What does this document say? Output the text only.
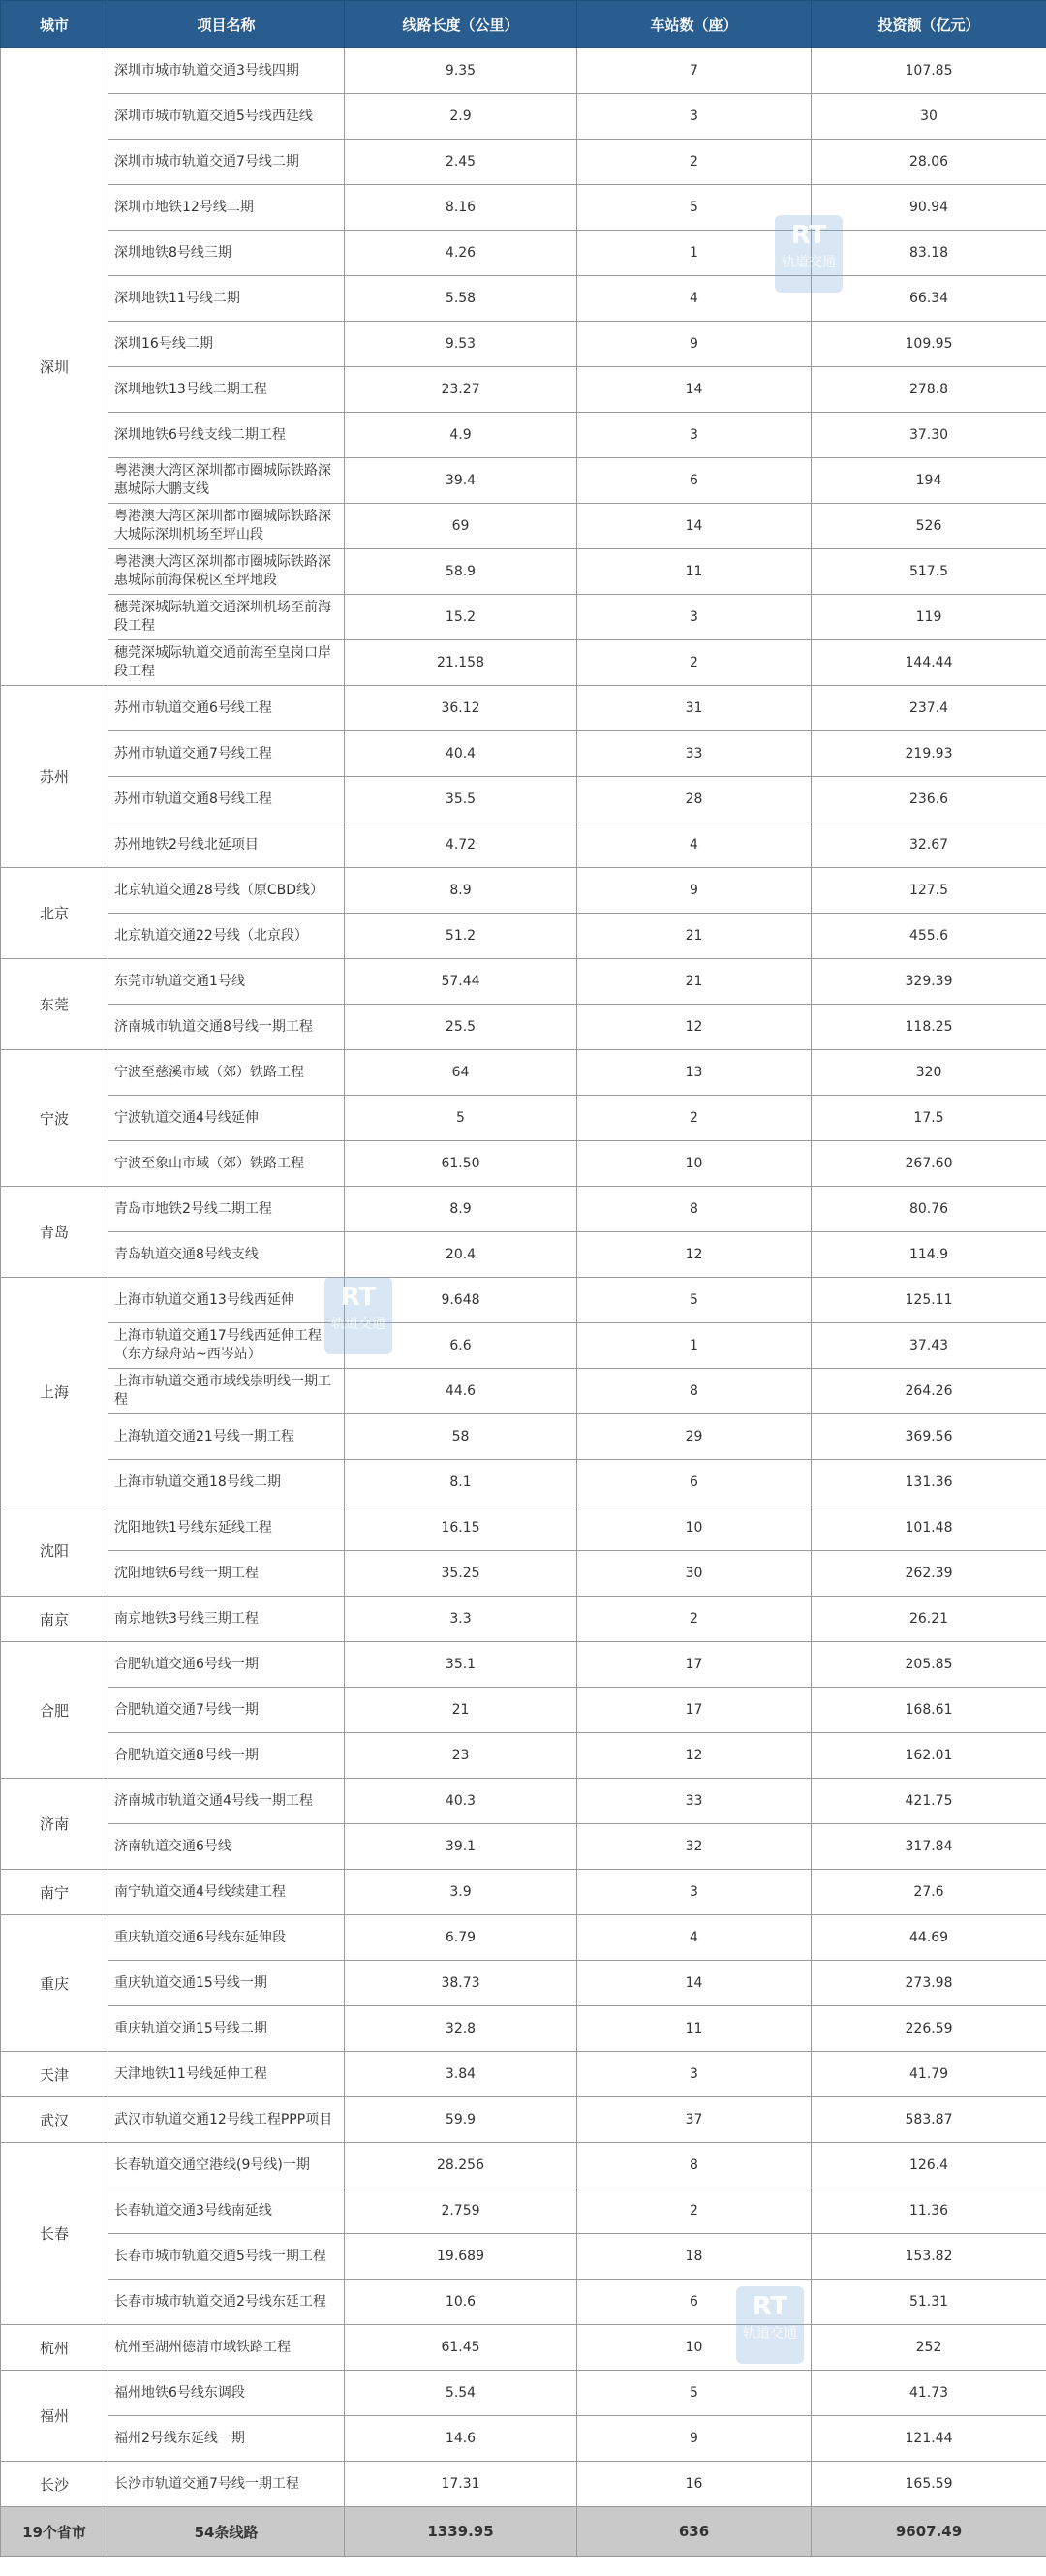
城市	项目名称	线路长度（公里）	车站数（座）	投资额（亿元）
深圳	深圳市城市轨道交通3号线四期	9.35	7	107.85
	深圳市城市轨道交通5号线西延线	2.9	3	30
	深圳市城市轨道交通7号线二期	2.45	2	28.06
	深圳市地铁12号线二期	8.16	5	90.94
	深圳地铁8号线三期	4.26	1	83.18
	深圳地铁11号线二期	5.58	4	66.34
	深圳16号线二期	9.53	9	109.95
	深圳地铁13号线二期工程	23.27	14	278.8
	深圳地铁6号线支线二期工程	4.9	3	37.30
	粤港澳大湾区深圳都市圈城际铁路深惠城际大鹏支线	39.4	6	194
	粤港澳大湾区深圳都市圈城际铁路深大城际深圳机场至坪山段	69	14	526
	粤港澳大湾区深圳都市圈城际铁路深惠城际前海保税区至坪地段	58.9	11	517.5
	穗莞深城际轨道交通深圳机场至前海段工程	15.2	3	119
	穗莞深城际轨道交通前海至皇岗口岸段工程	21.158	2	144.44
苏州	苏州市轨道交通6号线工程	36.12	31	237.4
	苏州市轨道交通7号线工程	40.4	33	219.93
	苏州市轨道交通8号线工程	35.5	28	236.6
	苏州地铁2号线北延项目	4.72	4	32.67
北京	北京轨道交通28号线（原CBD线）	8.9	9	127.5
	北京轨道交通22号线（北京段）	51.2	21	455.6
东莞	东莞市轨道交通1号线	57.44	21	329.39
	济南城市轨道交通8号线一期工程	25.5	12	118.25
宁波	宁波至慈溪市域（郊）铁路工程	64	13	320
	宁波轨道交通4号线延伸	5	2	17.5
	宁波至象山市域（郊）铁路工程	61.50	10	267.60
青岛	青岛市地铁2号线二期工程	8.9	8	80.76
	青岛轨道交通8号线支线	20.4	12	114.9
上海	上海市轨道交通13号线西延伸	9.648	5	125.11
	上海市轨道交通17号线西延伸工程（东方绿舟站~西岑站）	6.6	1	37.43
	上海市轨道交通市域线崇明线一期工程	44.6	8	264.26
	上海轨道交通21号线一期工程	58	29	369.56
	上海市轨道交通18号线二期	8.1	6	131.36
沈阳	沈阳地铁1号线东延线工程	16.15	10	101.48
	沈阳地铁6号线一期工程	35.25	30	262.39
南京	南京地铁3号线三期工程	3.3	2	26.21
合肥	合肥轨道交通6号线一期	35.1	17	205.85
	合肥轨道交通7号线一期	21	17	168.61
	合肥轨道交通8号线一期	23	12	162.01
济南	济南城市轨道交通4号线一期工程	40.3	33	421.75
	济南轨道交通6号线	39.1	32	317.84
南宁	南宁轨道交通4号线续建工程	3.9	3	27.6
重庆	重庆轨道交通6号线东延伸段	6.79	4	44.69
	重庆轨道交通15号线一期	38.73	14	273.98
	重庆轨道交通15号线二期	32.8	11	226.59
天津	天津地铁11号线延伸工程	3.84	3	41.79
武汉	武汉市轨道交通12号线工程PPP项目	59.9	37	583.87
长春	长春轨道交通空港线(9号线)一期	28.256	8	126.4
	长春轨道交通3号线南延线	2.759	2	11.36
	长春市城市轨道交通5号线一期工程	19.689	18	153.82
	长春市城市轨道交通2号线东延工程	10.6	6	51.31
杭州	杭州至湖州德清市域铁路工程	61.45	10	252
福州	福州地铁6号线东调段	5.54	5	41.73
	福州2号线东延线一期	14.6	9	121.44
长沙	长沙市轨道交通7号线一期工程	17.31	16	165.59
19个省市	54条线路	1339.95	636	9607.49
RT
轨道交通
RT
轨道交通
RT
轨道交通
